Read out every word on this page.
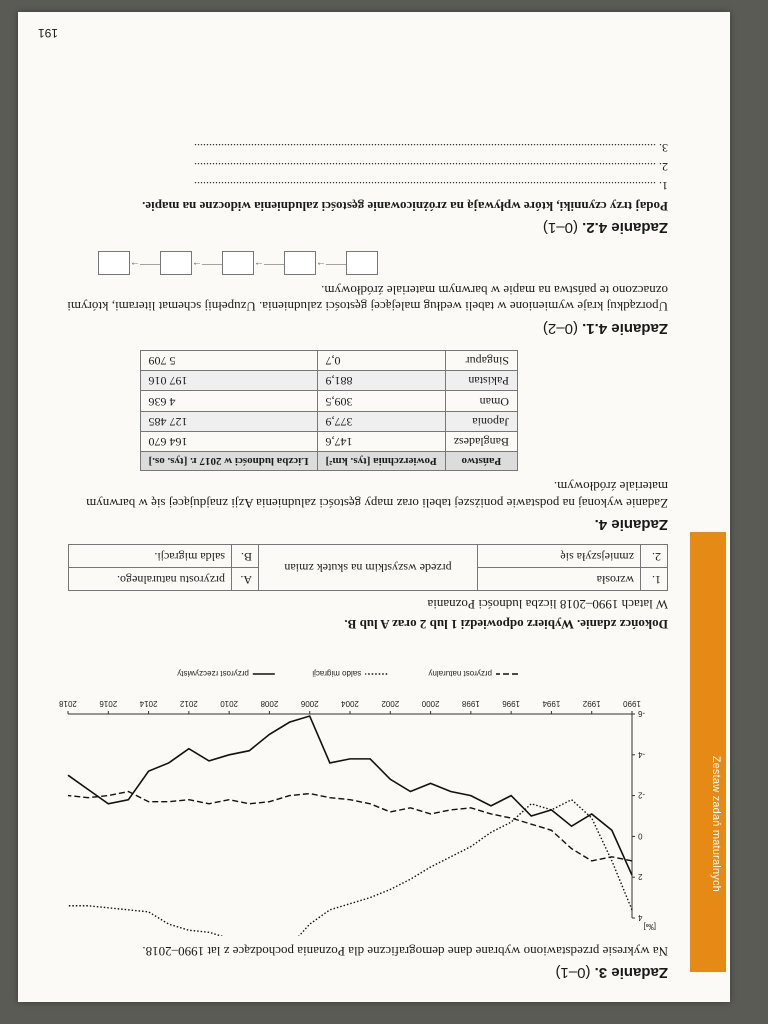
Zestaw zadań maturalnych

Zadanie 3. (0–1)

Na wykresie przedstawiono wybrane dane demograficzne dla Poznania pochodzące z lat 1990–2018.

[‰]
4
2
0
-2
-4
-6
1990
1992
1994
1996
1998
2000
2002
2004
2006
2008
2010
2012
2014
2016
2018
przyrost naturalny
saldo migracji
przyrost rzeczywisty

Dokończ zdanie. Wybierz odpowiedzi 1 lub 2 oraz A lub B.

W latach 1990–2018 liczba ludności Poznania

1.	wzrosła	przede wszystkim na skutek zmian	A.	przyrostu naturalnego.
2.	zmniejszyła się		B.	salda migracji.

Zadanie 4.

Zadanie wykonaj na podstawie poniższej tabeli oraz mapy gęstości zaludnienia Azji znajdującej się w barwnym materiale źródłowym.

Państwo	Powierzchnia [tys. km²]	Liczba ludności w 2017 r. [tys. os.]
Bangladesz	147,6	164 670
Japonia	377,9	127 485
Oman	309,5	4 636
Pakistan	881,9	197 016
Singapur	0,7	5 709

Zadanie 4.1. (0–2)

Uporządkuj kraje wymienione w tabeli według malejącej gęstości zaludnienia. Uzupełnij schemat literami, którymi oznaczono te państwa na mapie w barwnym materiale źródłowym.

——→
——→
——→
——→

Zadanie 4.2. (0–1)

Podaj trzy czynniki, które wpływają na zróżnicowanie gęstości zaludnienia widoczne na mapie.

1. ..........................................................................................................................................................
2. ..........................................................................................................................................................
3. ..........................................................................................................................................................
191
